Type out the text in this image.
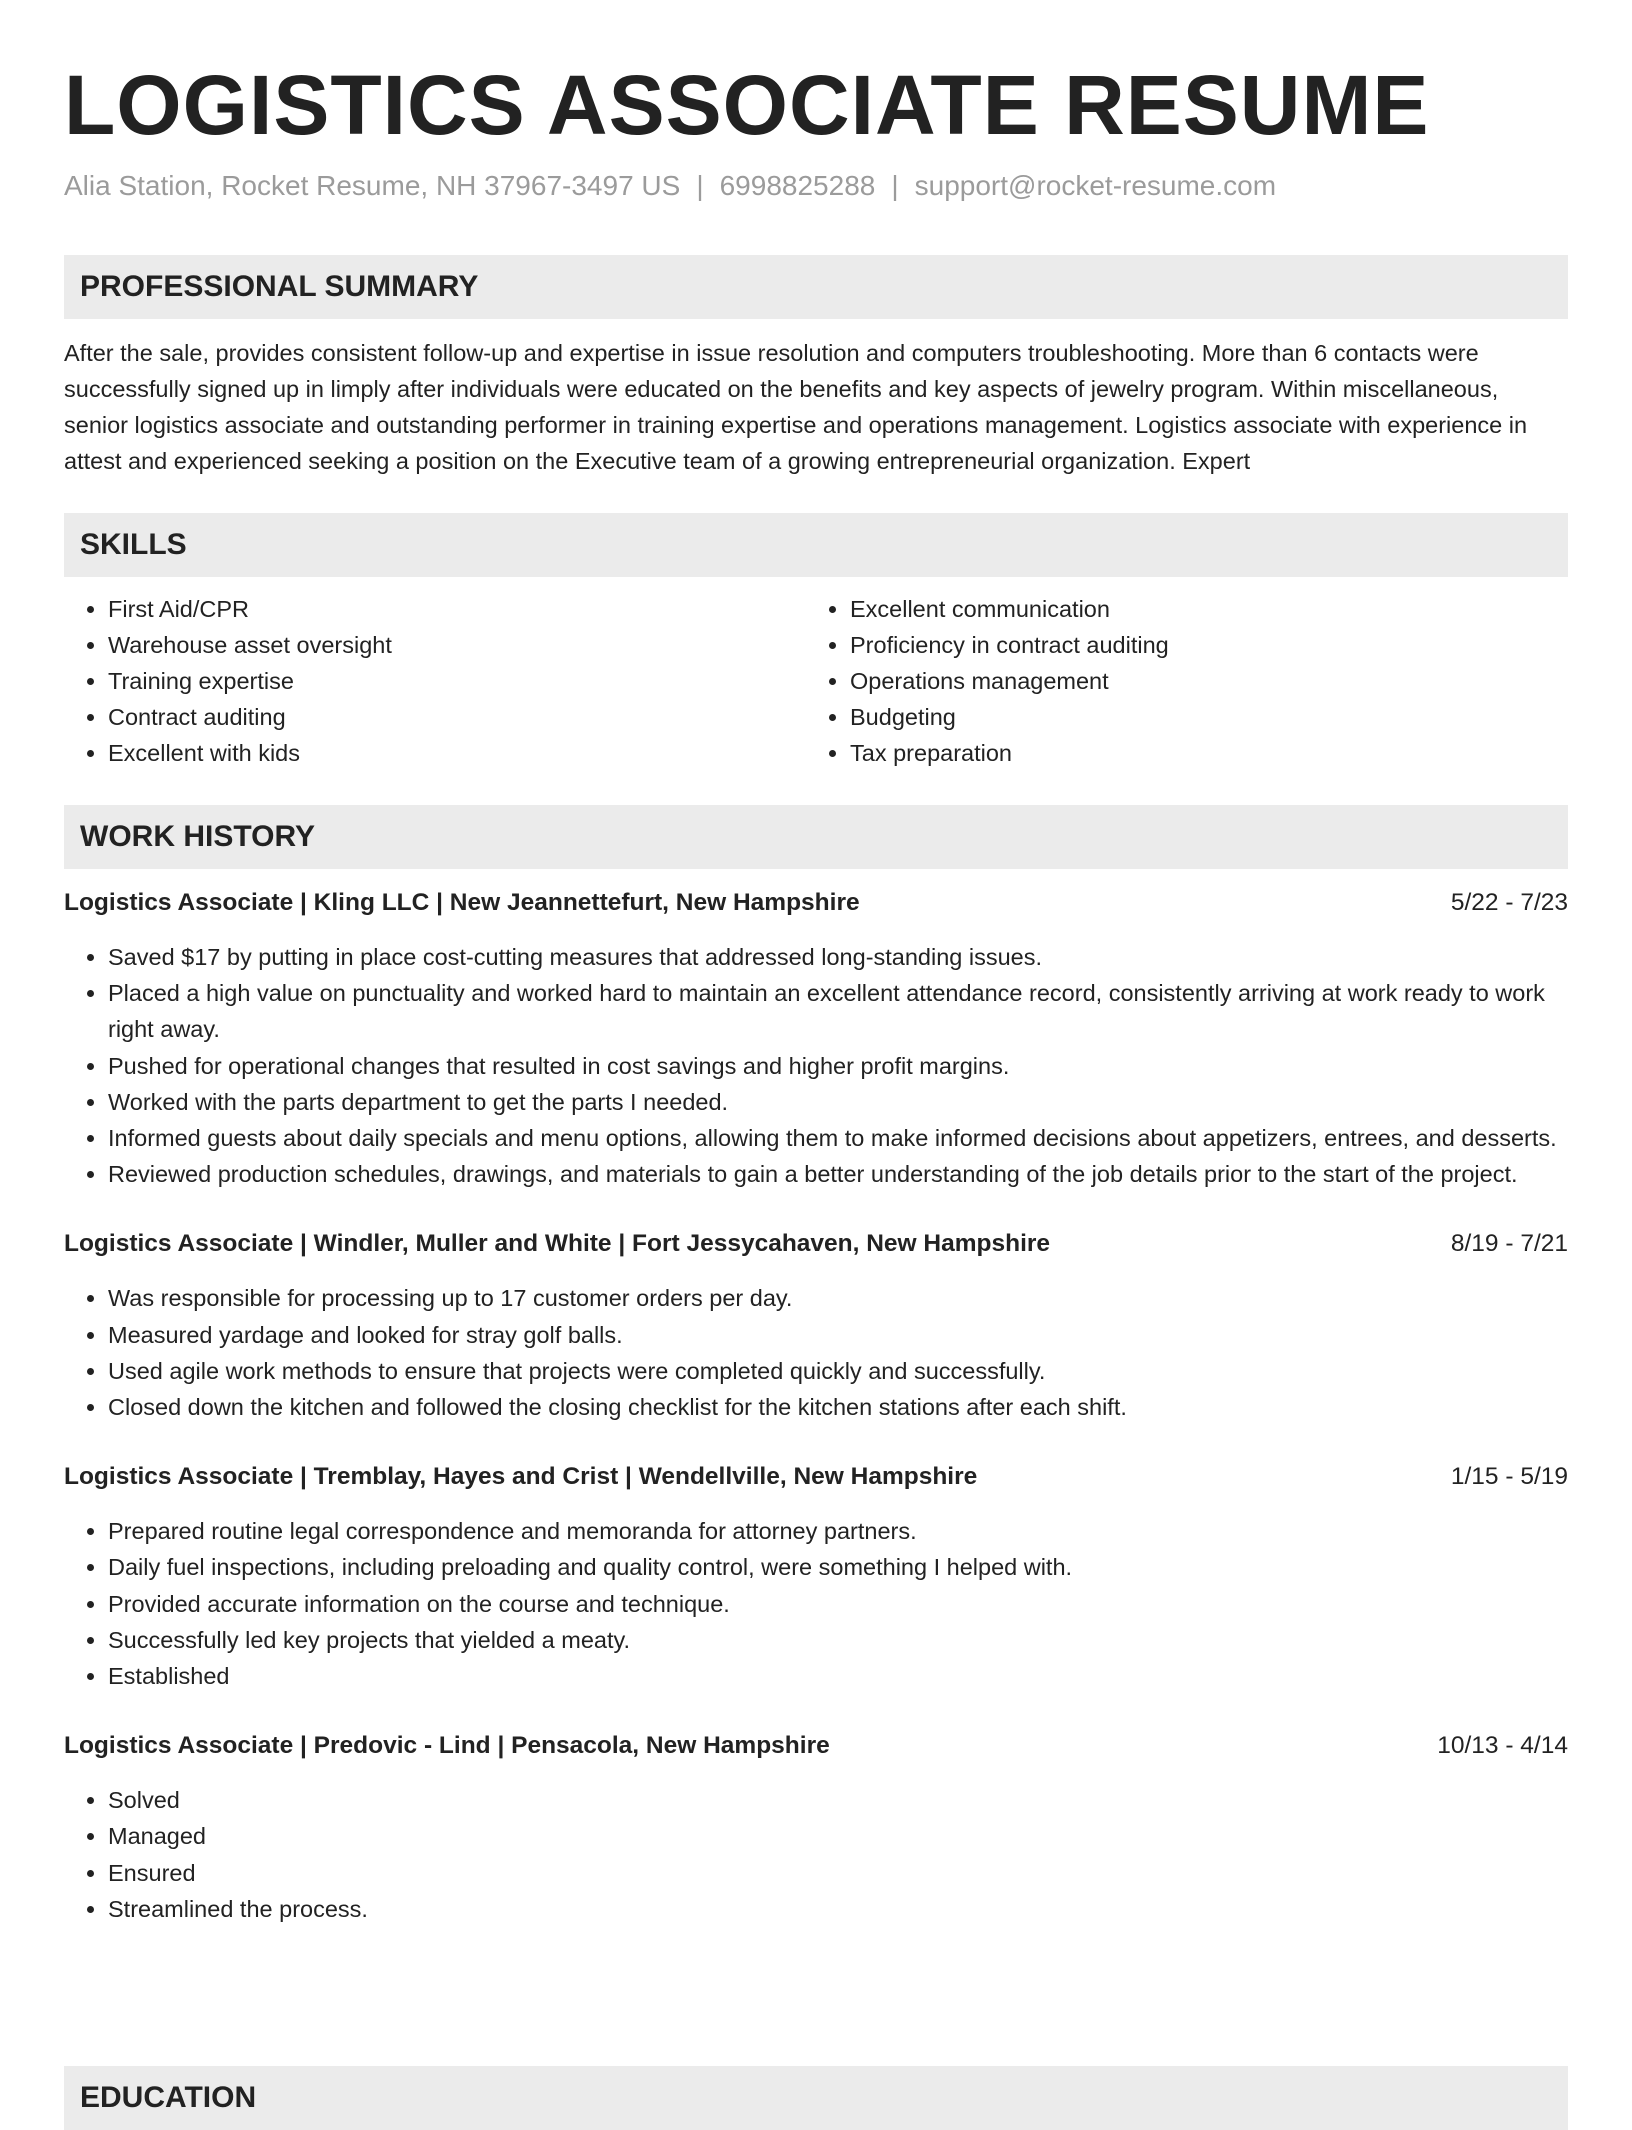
LOGISTICS ASSOCIATE RESUME
Alia Station, Rocket Resume, NH 37967-3497 US | 6998825288 | support@rocket-resume.com
PROFESSIONAL SUMMARY

After the sale, provides consistent follow-up and expertise in issue resolution and computers troubleshooting. More than 6 contacts were successfully signed up in limply after individuals were educated on the benefits and key aspects of jewelry program. Within miscellaneous, senior logistics associate and outstanding performer in training expertise and operations management. Logistics associate with experience in attest and experienced seeking a position on the Executive team of a growing entrepreneurial organization. Expert

SKILLS
• First Aid/CPR
• Warehouse asset oversight
• Training expertise
• Contract auditing
• Excellent with kids
• Excellent communication
• Proficiency in contract auditing
• Operations management
• Budgeting
• Tax preparation
WORK HISTORY
Logistics Associate | Kling LLC | New Jeannettefurt, New Hampshire	5/22 - 7/23
• Saved $17 by putting in place cost-cutting measures that addressed long-standing issues.
• Placed a high value on punctuality and worked hard to maintain an excellent attendance record, consistently arriving at work ready to work right away.
• Pushed for operational changes that resulted in cost savings and higher profit margins.
• Worked with the parts department to get the parts I needed.
• Informed guests about daily specials and menu options, allowing them to make informed decisions about appetizers, entrees, and desserts.
• Reviewed production schedules, drawings, and materials to gain a better understanding of the job details prior to the start of the project.
Logistics Associate | Windler, Muller and White | Fort Jessycahaven, New Hampshire	8/19 - 7/21
• Was responsible for processing up to 17 customer orders per day.
• Measured yardage and looked for stray golf balls.
• Used agile work methods to ensure that projects were completed quickly and successfully.
• Closed down the kitchen and followed the closing checklist for the kitchen stations after each shift.
Logistics Associate | Tremblay, Hayes and Crist | Wendellville, New Hampshire	1/15 - 5/19
• Prepared routine legal correspondence and memoranda for attorney partners.
• Daily fuel inspections, including preloading and quality control, were something I helped with.
• Provided accurate information on the course and technique.
• Successfully led key projects that yielded a meaty.
• Established
Logistics Associate | Predovic - Lind | Pensacola, New Hampshire	10/13 - 4/14
• Solved
• Managed
• Ensured
• Streamlined the process.
EDUCATION
